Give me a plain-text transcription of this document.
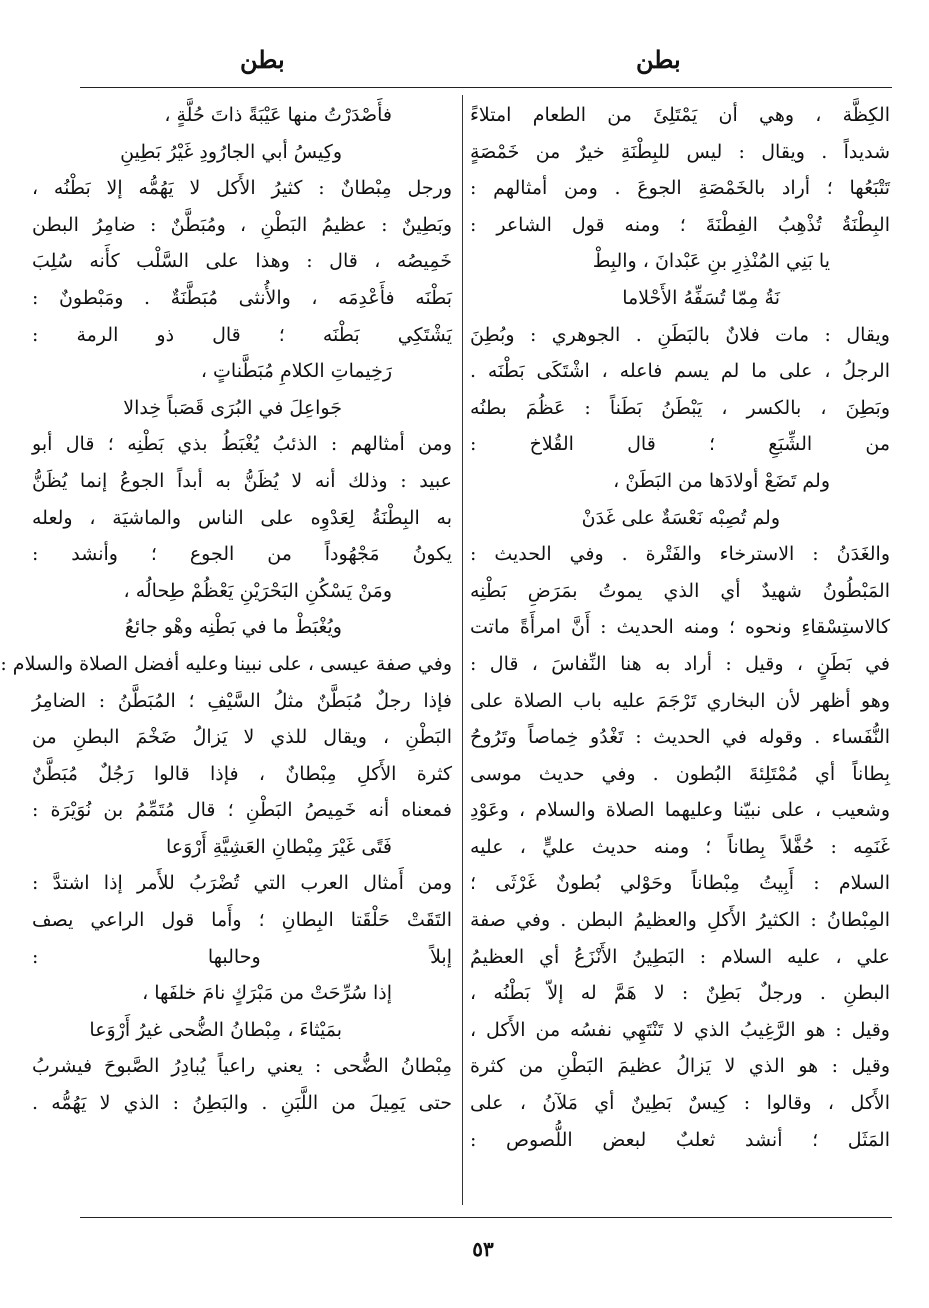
بطن
بطن
الكِظَّة ، وهي أن يَمْتَلِئَ من الطعام امتلاءً
شديداً . ويقال : ليس للبِطْنَةِ خيرٌ من خَمْصَةٍ
تَتْبَعُها ؛ أراد بالخَمْصَةِ الجوعَ . ومن أمثالهم :
البِطْنَةُ تُذْهِبُ الفِطْنَةَ ؛ ومنه قول الشاعر :
يا بَنِي المُنْذِرِ بنِ عَبْدانَ ، والبِطْ
نَةُ مِمّا تُسَفِّهُ الأَحْلاما
ويقال : مات فلانٌ بالبَطَنِ . الجوهري : وبُطِنَ
الرجلُ ، على ما لم يسم فاعله ، اشْتَكَى بَطْنَه .
وبَطِنَ ، بالكسر ، يَبْطَنُ بَطَناً : عَظُمَ بطنُه
من الشِّبَعِ ؛ قال القُلاخ :
ولم تَضَعْ أولادَها من البَطَنْ ،
ولم تُصِبْه نَعْسَةٌ على غَدَنْ
والغَدَنُ : الاسترخاء والفَتْرة . وفي الحديث :
المَبْطُونُ شهيدٌ أي الذي يموتُ بمَرَضِ بَطْنِه
كالاستِسْقاءِ ونحوه ؛ ومنه الحديث : أَنَّ امرأَةً ماتت
في بَطَنٍ ، وقيل : أراد به هنا النِّفاسَ ، قال :
وهو أظهر لأن البخاري تَرْجَمَ عليه باب الصلاة على
النُّفَساء . وقوله في الحديث : تَغْدُو خِماصاً وتَرُوحُ
بِطاناً أي مُمْتَلِئةَ البُطون . وفي حديث موسى
وشعيب ، على نبيّنا وعليهما الصلاة والسلام ، وعَوْدِ
غَنَمِه : حُفَّلاً بِطاناً ؛ ومنه حديث عليٍّ ، عليه
السلام : أَبِيتُ مِبْطاناً وحَوْلي بُطونٌ غَرْثَى ؛
المِبْطانُ : الكثيرُ الأَكلِ والعظيمُ البطن . وفي صفة
علي ، عليه السلام : البَطِينُ الأَنْزَعُ أي العظيمُ
البطنِ . ورجلٌ بَطِنٌ : لا هَمَّ له إلاّ بَطْنُه ،
وقيل : هو الرَّغِيبُ الذي لا تَنْتَهِي نفسُه من الأَكل ،
وقيل : هو الذي لا يَزالُ عظيمَ البَطْنِ من كثرة
الأَكل ، وقالوا : كِيسٌ بَطِينٌ أي مَلآنُ ، على
المَثَل ؛ أنشد ثعلبٌ لبعض اللُّصوص :
فأَصْدَرْتُ منها عَيْبَةً ذاتَ حُلَّةٍ ،
وكِيسُ أبي الجارُودِ غَيْرُ بَطِينِ
ورجل مِبْطانٌ : كثيرُ الأَكل لا يَهُمُّه إلا بَطْنُه ،
وبَطِينٌ : عظيمُ البَطْنِ ، ومُبَطَّنٌ : ضامِرُ البطن
خَمِيصُه ، قال : وهذا على السَّلْب كأَنه سُلِبَ
بَطْنَه فأَعْدِمَه ، والأُنثى مُبَطَّنَةٌ . ومَبْطونٌ :
يَشْتَكِي بَطْنَه ؛ قال ذو الرمة :
رَخِيماتِ الكلامِ مُبَطَّناتٍ ،
جَواعِلَ في البُرَى قَصَباً خِدالا
ومن أمثالهم : الذئبُ يُغْبَطُ بذي بَطْنِه ؛ قال أبو
عبيد : وذلك أنه لا يُظَنُّ به أبداً الجوعُ إنما يُظَنُّ
به البِطْنَةُ لِعَدْوِه على الناس والماشيَة ، ولعله
يكونُ مَجْهُوداً من الجوع ؛ وأنشد :
ومَنْ يَسْكُنِ البَحْرَيْنِ يَعْظُمْ طِحالُه ،
ويُغْبَطْ ما في بَطْنِه وهْو جائعُ
وفي صفة عيسى ، على نبينا وعليه أفضل الصلاة والسلام :
فإذا رجلٌ مُبَطَّنٌ مثلُ السَّيْفِ ؛ المُبَطَّنُ : الضامِرُ
البَطْنِ ، ويقال للذي لا يَزالُ ضَخْمَ البطنِ من
كثرة الأَكلِ مِبْطانٌ ، فإذا قالوا رَجُلٌ مُبَطَّنٌ
فمعناه أنه خَمِيصُ البَطْنِ ؛ قال مُتَمِّمُ بن نُوَيْرَة :
فَتًى غَيْرَ مِبْطانِ العَشِيَّةِ أَرْوَعا
ومن أَمثال العرب التي تُضْرَبُ للأَمر إذا اشتدَّ :
التَقَتْ حَلْقَتا البِطانِ ؛ وأَما قول الراعي يصف
إبلاً وحالبها :
إذا سُرِّحَتْ من مَبْرَكٍ نامَ خلفَها ،
بمَيْثاءَ ، مِبْطانُ الضُّحى غيرُ أَرْوَعا
مِبْطانُ الضُّحى : يعني راعياً يُبادِرُ الصَّبوحَ فيشربُ
حتى يَمِيلَ من اللَّبَنِ . والبَطِنُ : الذي لا يَهُمُّه .
٥٣
